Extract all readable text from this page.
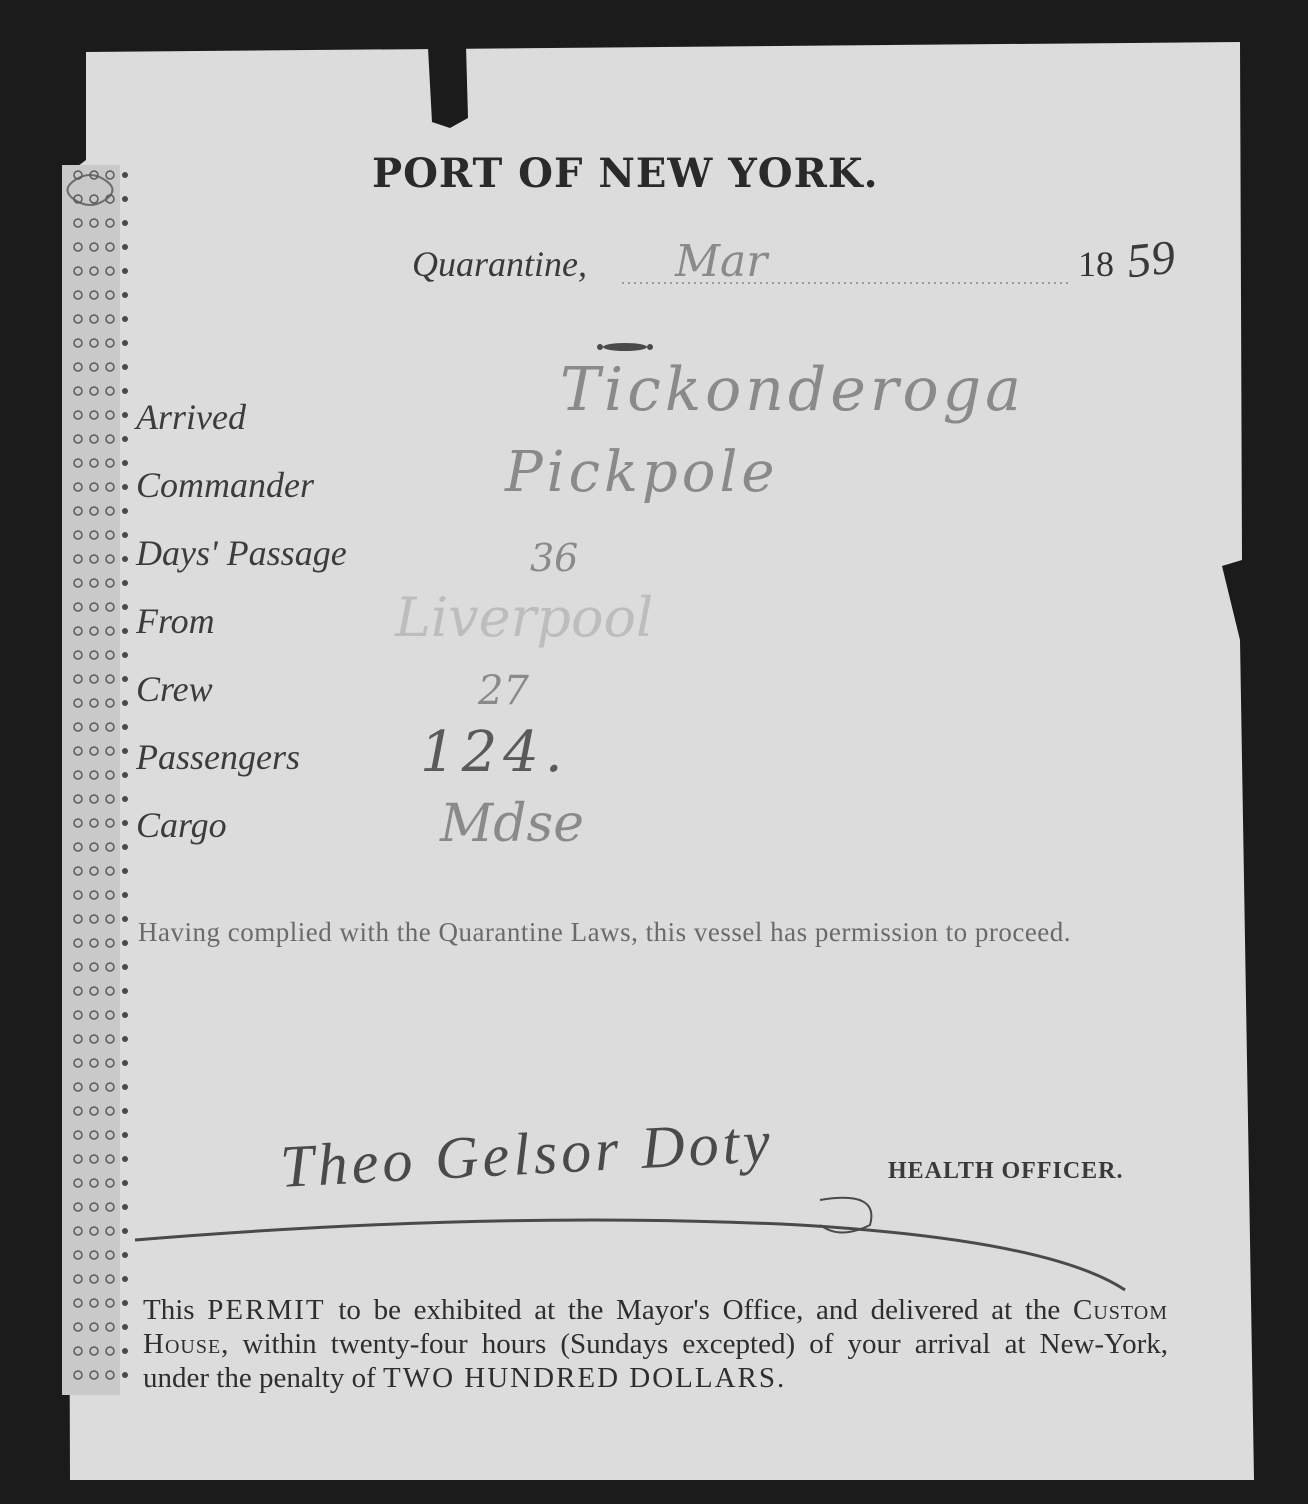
PORT OF NEW YORK.
Quarantine, Mar	18 59
Arrived	Tickonderoga
Commander	Pickpole
Days' Passage	36
From	Liverpool
Crew	27
Passengers 124.
Cargo	Mdse
Having complied with the Quarantine Laws, this vessel has permission to proceed.
Theo Gelsor Doty	HEALTH OFFICER.
This PERMIT to be exhibited at the Mayor's Office, and delivered at the Custom House, within twenty-four hours (Sundays excepted) of your arrival at New-York, under the penalty of TWO HUNDRED DOLLARS.
